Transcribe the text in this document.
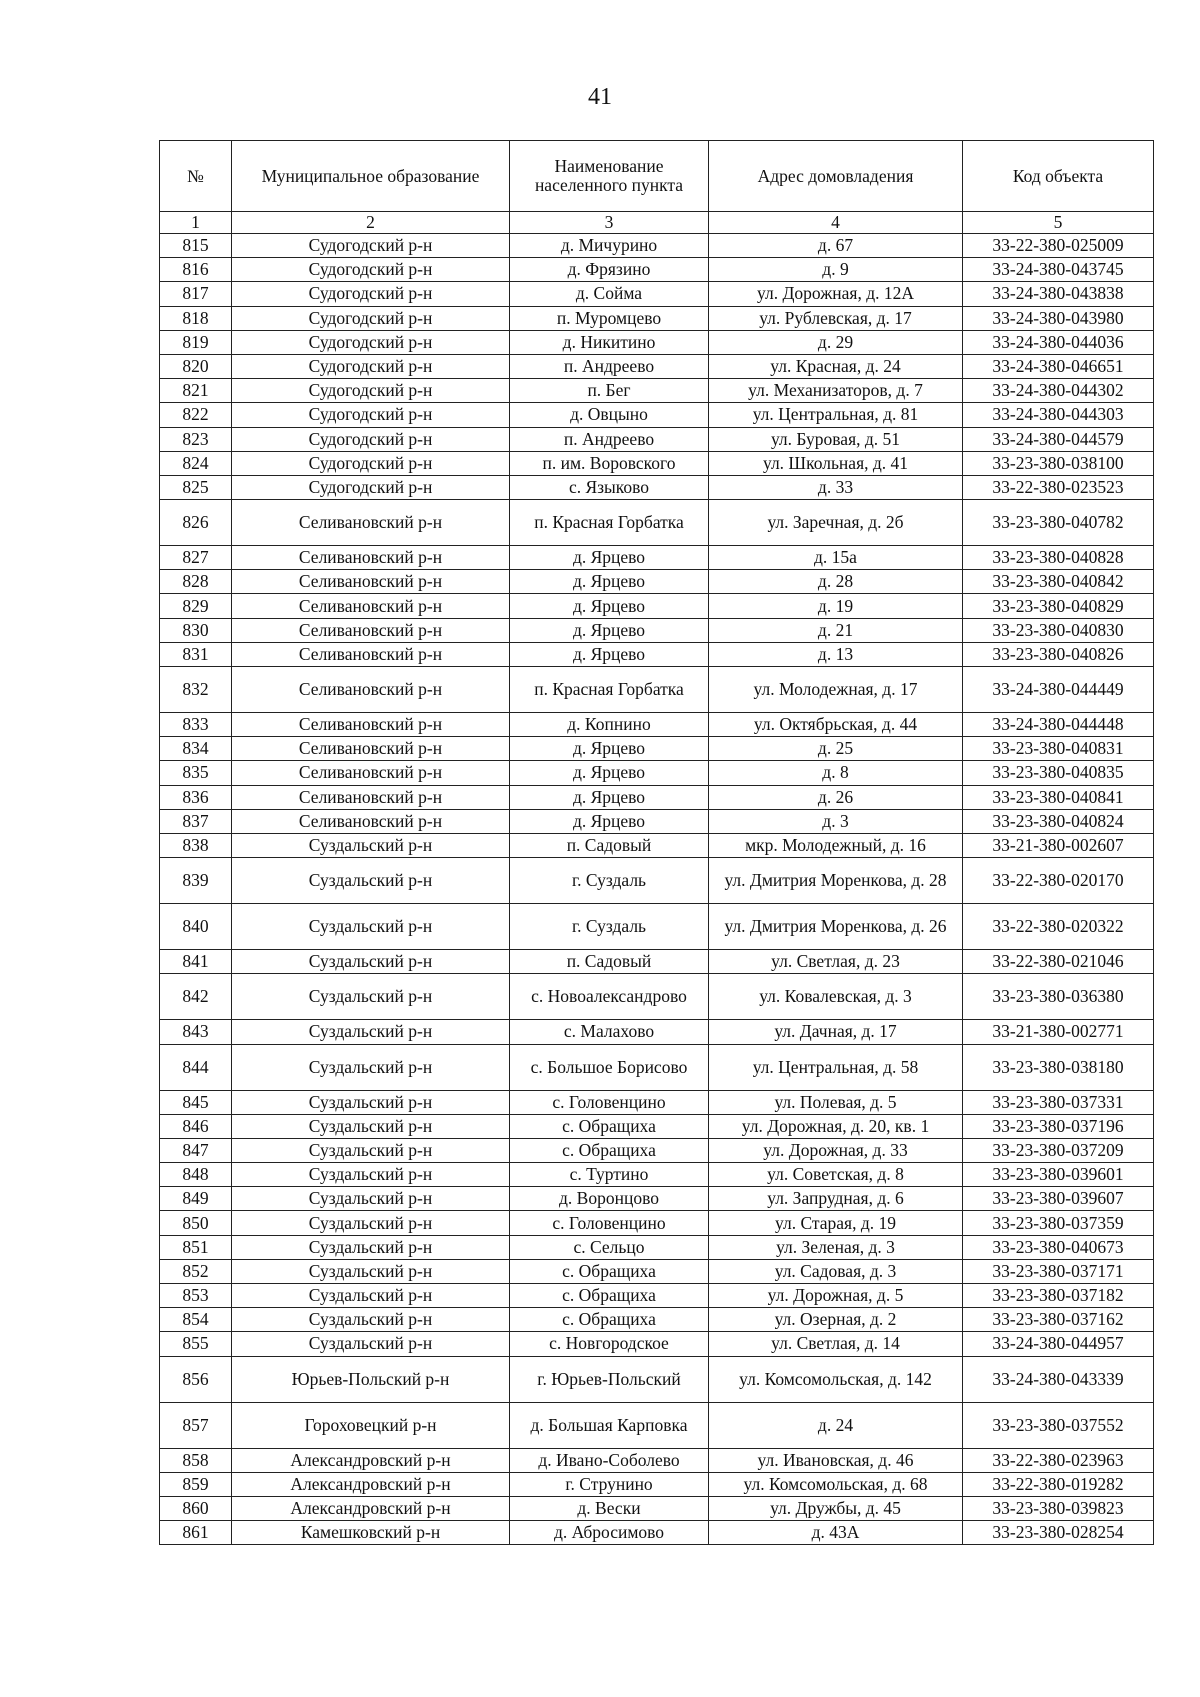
41
№	Муниципальное образование	Наименование населенного пункта	Адрес домовладения	Код объекта
1	2	3	4	5
815	Судогодский р-н	д. Мичурино	д. 67	33-22-380-025009
816	Судогодский р-н	д. Фрязино	д. 9	33-24-380-043745
817	Судогодский р-н	д. Сойма	ул. Дорожная, д. 12А	33-24-380-043838
818	Судогодский р-н	п. Муромцево	ул. Рублевская, д. 17	33-24-380-043980
819	Судогодский р-н	д. Никитино	д. 29	33-24-380-044036
820	Судогодский р-н	п. Андреево	ул. Красная, д. 24	33-24-380-046651
821	Судогодский р-н	п. Бег	ул. Механизаторов, д. 7	33-24-380-044302
822	Судогодский р-н	д. Овцыно	ул. Центральная, д. 81	33-24-380-044303
823	Судогодский р-н	п. Андреево	ул. Буровая, д. 51	33-24-380-044579
824	Судогодский р-н	п. им. Воровского	ул. Школьная, д. 41	33-23-380-038100
825	Судогодский р-н	с. Языково	д. 33	33-22-380-023523
826	Селивановский р-н	п. Красная Горбатка	ул. Заречная, д. 2б	33-23-380-040782
827	Селивановский р-н	д. Ярцево	д. 15а	33-23-380-040828
828	Селивановский р-н	д. Ярцево	д. 28	33-23-380-040842
829	Селивановский р-н	д. Ярцево	д. 19	33-23-380-040829
830	Селивановский р-н	д. Ярцево	д. 21	33-23-380-040830
831	Селивановский р-н	д. Ярцево	д. 13	33-23-380-040826
832	Селивановский р-н	п. Красная Горбатка	ул. Молодежная, д. 17	33-24-380-044449
833	Селивановский р-н	д. Копнино	ул. Октябрьская, д. 44	33-24-380-044448
834	Селивановский р-н	д. Ярцево	д. 25	33-23-380-040831
835	Селивановский р-н	д. Ярцево	д. 8	33-23-380-040835
836	Селивановский р-н	д. Ярцево	д. 26	33-23-380-040841
837	Селивановский р-н	д. Ярцево	д. 3	33-23-380-040824
838	Суздальский р-н	п. Садовый	мкр. Молодежный, д. 16	33-21-380-002607
839	Суздальский р-н	г. Суздаль	ул. Дмитрия Моренкова, д. 28	33-22-380-020170
840	Суздальский р-н	г. Суздаль	ул. Дмитрия Моренкова, д. 26	33-22-380-020322
841	Суздальский р-н	п. Садовый	ул. Светлая, д. 23	33-22-380-021046
842	Суздальский р-н	с. Новоалександрово	ул. Ковалевская, д. 3	33-23-380-036380
843	Суздальский р-н	с. Малахово	ул. Дачная, д. 17	33-21-380-002771
844	Суздальский р-н	с. Большое Борисово	ул. Центральная, д. 58	33-23-380-038180
845	Суздальский р-н	с. Головенцино	ул. Полевая, д. 5	33-23-380-037331
846	Суздальский р-н	с. Обращиха	ул. Дорожная, д. 20, кв. 1	33-23-380-037196
847	Суздальский р-н	с. Обращиха	ул. Дорожная, д. 33	33-23-380-037209
848	Суздальский р-н	с. Туртино	ул. Советская, д. 8	33-23-380-039601
849	Суздальский р-н	д. Воронцово	ул. Запрудная, д. 6	33-23-380-039607
850	Суздальский р-н	с. Головенцино	ул. Старая, д. 19	33-23-380-037359
851	Суздальский р-н	с. Сельцо	ул. Зеленая, д. 3	33-23-380-040673
852	Суздальский р-н	с. Обращиха	ул. Садовая, д. 3	33-23-380-037171
853	Суздальский р-н	с. Обращиха	ул. Дорожная, д. 5	33-23-380-037182
854	Суздальский р-н	с. Обращиха	ул. Озерная, д. 2	33-23-380-037162
855	Суздальский р-н	с. Новгородское	ул. Светлая, д. 14	33-24-380-044957
856	Юрьев-Польский р-н	г. Юрьев-Польский	ул. Комсомольская, д. 142	33-24-380-043339
857	Гороховецкий р-н	д. Большая Карповка	д. 24	33-23-380-037552
858	Александровский р-н	д. Ивано-Соболево	ул. Ивановская, д. 46	33-22-380-023963
859	Александровский р-н	г. Струнино	ул. Комсомольская, д. 68	33-22-380-019282
860	Александровский р-н	д. Вески	ул. Дружбы, д. 45	33-23-380-039823
861	Камешковский р-н	д. Абросимово	д. 43А	33-23-380-028254
